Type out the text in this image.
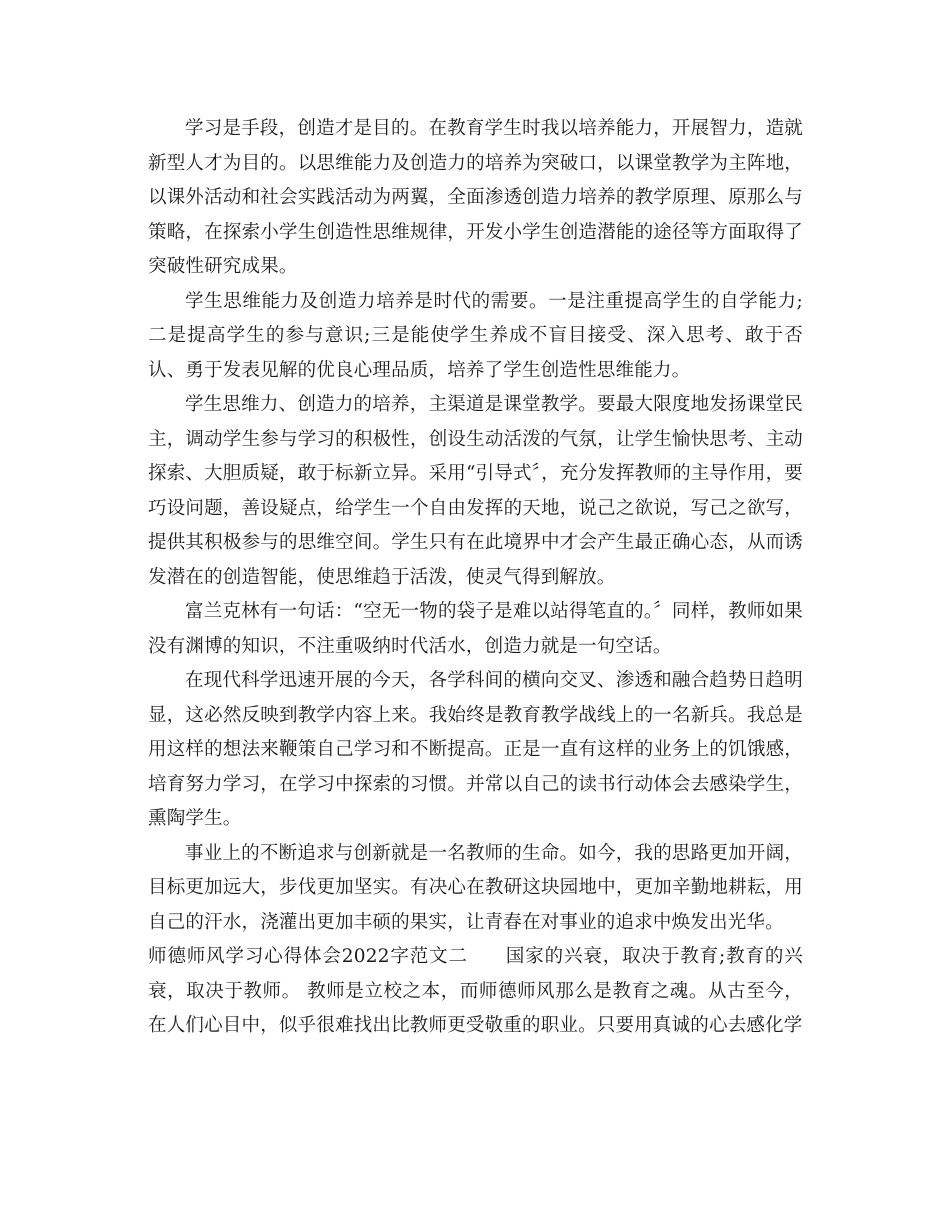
学习是手段，创造才是目的。在教育学生时我以培养能力，开展智力，造就新型人才为目的。以思维能力及创造力的培养为突破口，以课堂教学为主阵地，以课外活动和社会实践活动为两翼，全面渗透创造力培养的教学原理、原那么与策略，在探索小学生创造性思维规律，开发小学生创造潜能的途径等方面取得了突破性研究成果。

学生思维能力及创造力培养是时代的需要。一是注重提高学生的自学能力;二是提高学生的参与意识;三是能使学生养成不盲目接受、深入思考、敢于否认、勇于发表见解的优良心理品质，培养了学生创造性思维能力。

学生思维力、创造力的培养，主渠道是课堂教学。要最大限度地发扬课堂民主，调动学生参与学习的积极性，创设生动活泼的气氛，让学生愉快思考、主动探索、大胆质疑，敢于标新立异。采用“引导式〞，充分发挥教师的主导作用，要巧设问题，善设疑点，给学生一个自由发挥的天地，说己之欲说，写己之欲写，提供其积极参与的思维空间。学生只有在此境界中才会产生最正确心态，从而诱发潜在的创造智能，使思维趋于活泼，使灵气得到解放。

富兰克林有一句话：“空无一物的袋子是难以站得笔直的。〞同样，教师如果没有渊博的知识，不注重吸纳时代活水，创造力就是一句空话。

在现代科学迅速开展的今天，各学科间的横向交叉、渗透和融合趋势日趋明显，这必然反映到教学内容上来。我始终是教育教学战线上的一名新兵。我总是用这样的想法来鞭策自己学习和不断提高。正是一直有这样的业务上的饥饿感，培育努力学习，在学习中探索的习惯。并常以自己的读书行动体会去感染学生，熏陶学生。

事业上的不断追求与创新就是一名教师的生命。如今，我的思路更加开阔，目标更加远大，步伐更加坚实。有决心在教研这块园地中，更加辛勤地耕耘，用自己的汗水，浇灌出更加丰硕的果实，让青春在对事业的追求中焕发出光华。

师德师风学习心得体会2022字范文二 国家的兴衰，取决于教育;教育的兴衰，取决于教师。 教师是立校之本，而师德师风那么是教育之魂。从古至今，在人们心目中，似乎很难找出比教师更受敬重的职业。只要用真诚的心去感化学
